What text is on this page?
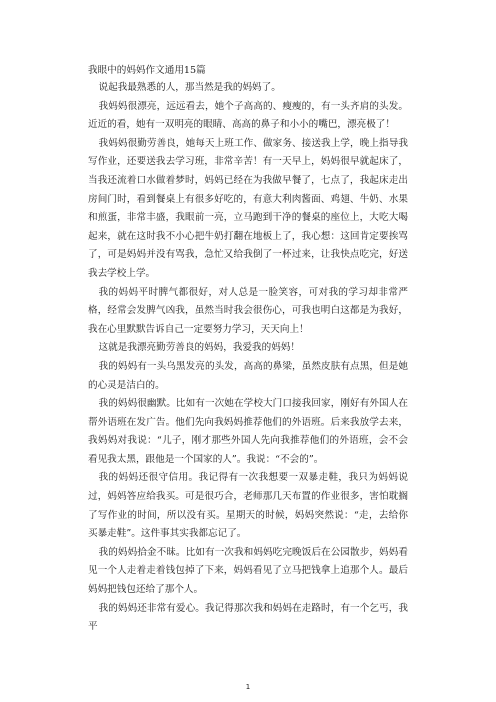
我眼中的妈妈作文通用15篇

说起我最熟悉的人，那当然是我的妈妈了。

我妈妈很漂亮，远远看去，她个子高高的、瘦瘦的，有一头齐肩的头发。近近的看，她有一双明亮的眼睛、高高的鼻子和小小的嘴巴，漂亮极了！

我妈妈很勤劳善良，她每天上班工作、做家务、接送我上学，晚上指导我写作业，还要送我去学习班，非常辛苦！有一天早上，妈妈很早就起床了，当我还流着口水做着梦时，妈妈已经在为我做早餐了，七点了，我起床走出房间门时，看到餐桌上有很多好吃的，有意大利肉酱面、鸡翅、牛奶、水果和煎蛋，非常丰盛，我眼前一亮，立马跑到干净的餐桌的座位上，大吃大喝起来，就在这时我不小心把牛奶打翻在地板上了，我心想：这回肯定要挨骂了，可是妈妈并没有骂我，急忙又给我倒了一杯过来，让我快点吃完，好送我去学校上学。

我的妈妈平时脾气都很好，对人总是一脸笑容，可对我的学习却非常严格，经常会发脾气凶我，虽然当时我会很伤心，可我也明白这都是为我好，我在心里默默告诉自己一定要努力学习，天天向上！

这就是我漂亮勤劳善良的妈妈，我爱我的妈妈！

我的妈妈有一头乌黑发亮的头发，高高的鼻梁，虽然皮肤有点黑，但是她的心灵是洁白的。

我的妈妈很幽默。比如有一次她在学校大门口接我回家，刚好有外国人在帮外语班在发广告。他们先向我妈妈推荐他们的外语班。后来我放学去来，我妈妈对我说：“儿子，刚才那些外国人先向我推荐他们的外语班，会不会看见我太黑，跟他是一个国家的人”。我说：“不会的”。

我的妈妈还很守信用。我记得有一次我想要一双暴走鞋，我只为妈妈说过，妈妈答应给我买。可是很巧合，老师那几天布置的作业很多，害怕耽搁了写作业的时间，所以没有买。星期天的时候，妈妈突然说：“走，去给你买暴走鞋”。这件事其实我都忘记了。

我的妈妈拾金不昧。比如有一次我和妈妈吃完晚饭后在公园散步，妈妈看见一个人走着走着钱包掉了下来，妈妈看见了立马把钱拿上追那个人。最后妈妈把钱包还给了那个人。

我的妈妈还非常有爱心。我记得那次我和妈妈在走路时，有一个乞丐，我平

1
